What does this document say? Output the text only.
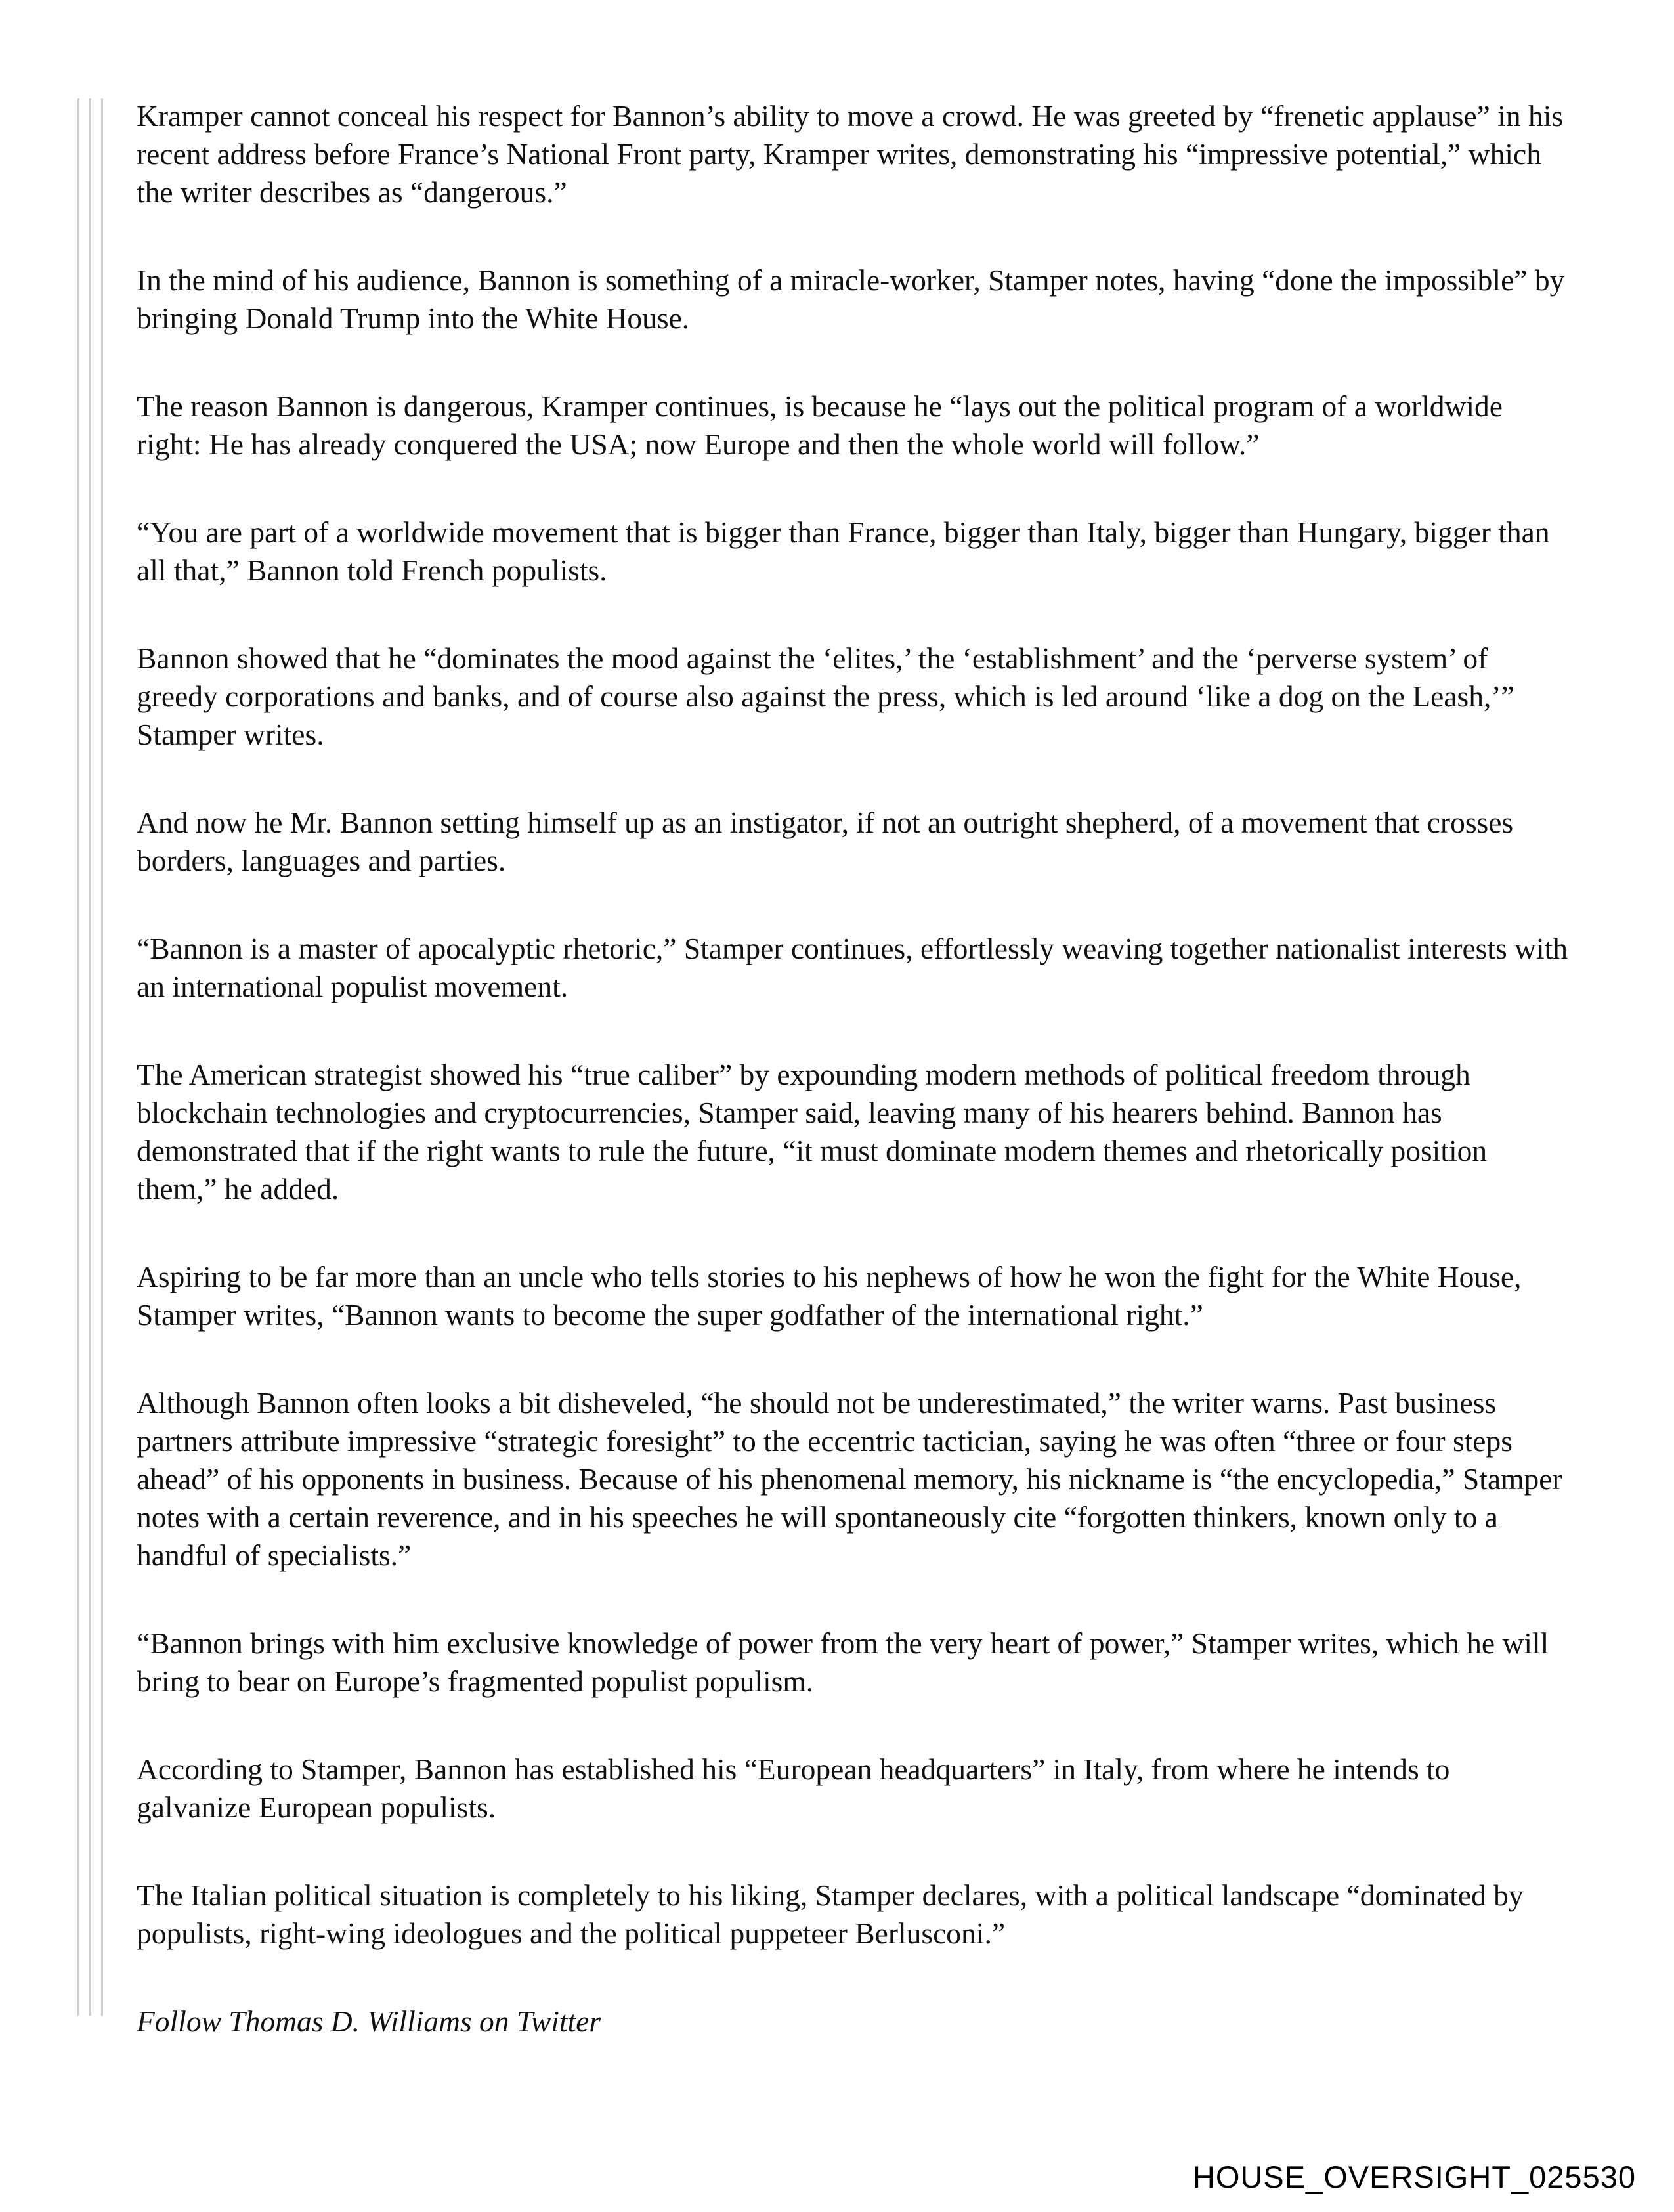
Kramper cannot conceal his respect for Bannon’s ability to move a crowd. He was greeted by “frenetic applause” in his recent address before France’s National Front party, Kramper writes, demonstrating his “impressive potential,” which the writer describes as “dangerous.”

In the mind of his audience, Bannon is something of a miracle-worker, Stamper notes, having “done the impossible” by bringing Donald Trump into the White House.

The reason Bannon is dangerous, Kramper continues, is because he “lays out the political program of a worldwide right: He has already conquered the USA; now Europe and then the whole world will follow.”

“You are part of a worldwide movement that is bigger than France, bigger than Italy, bigger than Hungary, bigger than all that,” Bannon told French populists.

Bannon showed that he “dominates the mood against the ‘elites,’ the ‘establishment’ and the ‘perverse system’ of greedy corporations and banks, and of course also against the press, which is led around ‘like a dog on the Leash,’” Stamper writes.

And now he Mr. Bannon setting himself up as an instigator, if not an outright shepherd, of a movement that crosses borders, languages and parties.

“Bannon is a master of apocalyptic rhetoric,” Stamper continues, effortlessly weaving together nationalist interests with an international populist movement.

The American strategist showed his “true caliber” by expounding modern methods of political freedom through blockchain technologies and cryptocurrencies, Stamper said, leaving many of his hearers behind. Bannon has demonstrated that if the right wants to rule the future, “it must dominate modern themes and rhetorically position them,” he added.

Aspiring to be far more than an uncle who tells stories to his nephews of how he won the fight for the White House, Stamper writes, “Bannon wants to become the super godfather of the international right.”

Although Bannon often looks a bit disheveled, “he should not be underestimated,” the writer warns. Past business partners attribute impressive “strategic foresight” to the eccentric tactician, saying he was often “three or four steps ahead” of his opponents in business. Because of his phenomenal memory, his nickname is “the encyclopedia,” Stamper notes with a certain reverence, and in his speeches he will spontaneously cite “forgotten thinkers, known only to a handful of specialists.”

“Bannon brings with him exclusive knowledge of power from the very heart of power,” Stamper writes, which he will bring to bear on Europe’s fragmented populist populism.

According to Stamper, Bannon has established his “European headquarters” in Italy, from where he intends to galvanize European populists.

The Italian political situation is completely to his liking, Stamper declares, with a political landscape “dominated by populists, right-wing ideologues and the political puppeteer Berlusconi.”

Follow Thomas D. Williams on Twitter

HOUSE_OVERSIGHT_025530
